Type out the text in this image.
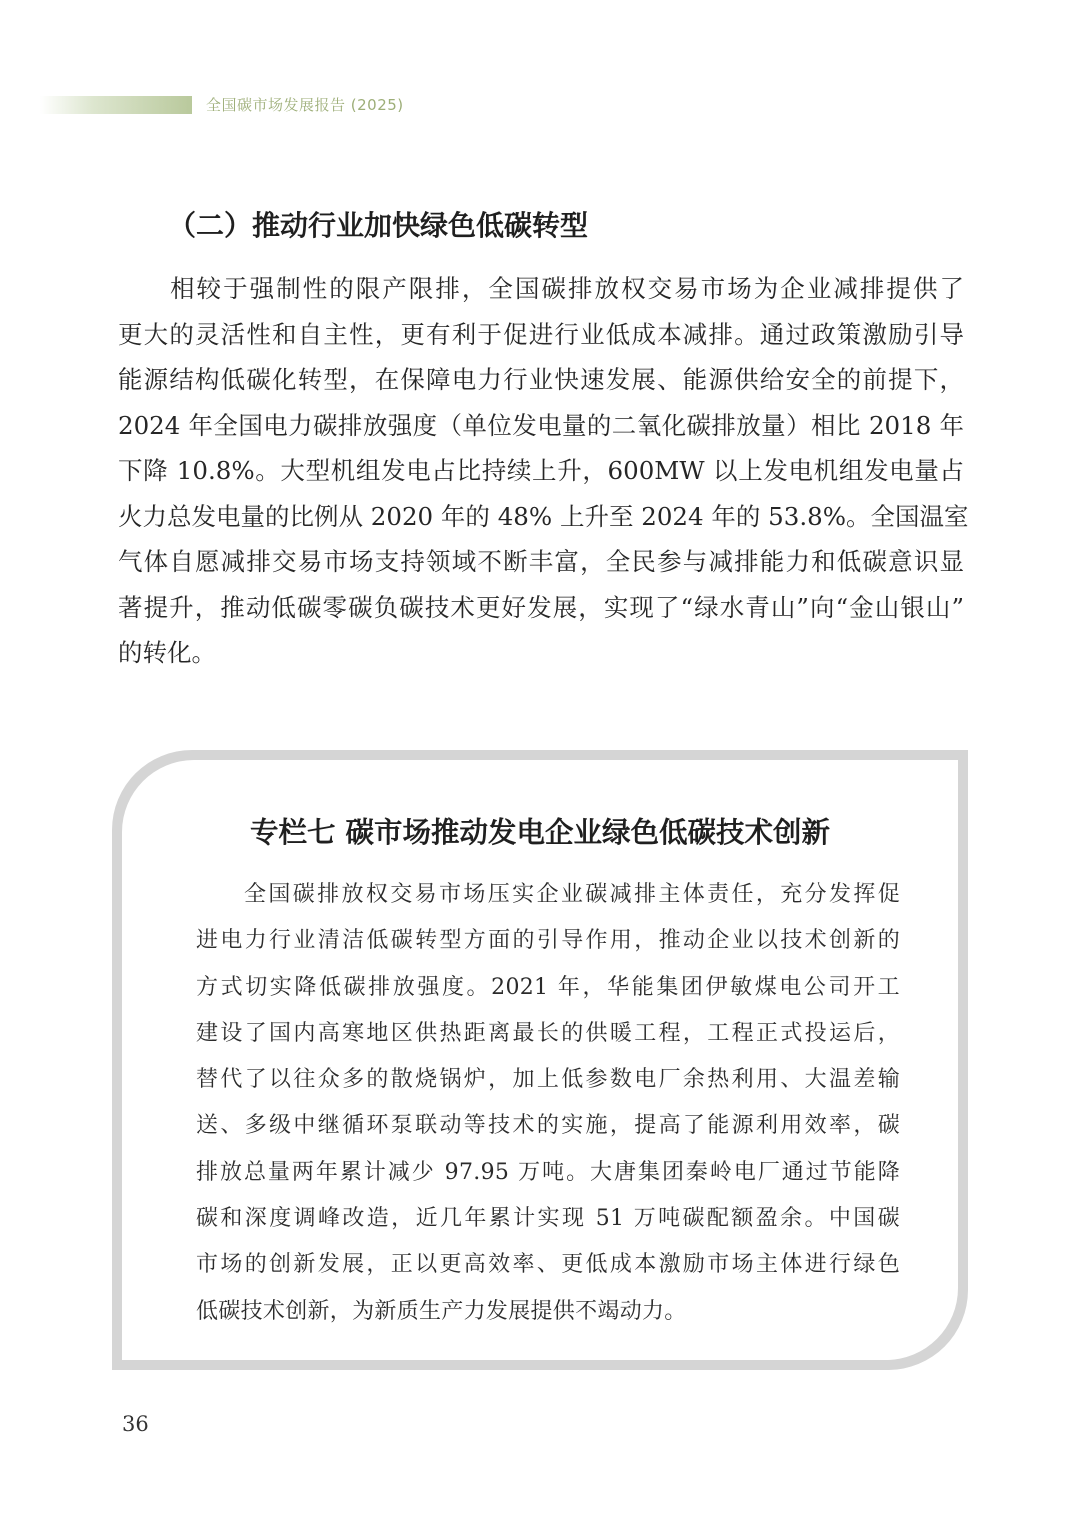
全国碳市场发展报告 (2025)
（二）推动行业加快绿色低碳转型
相较于强制性的限产限排，全国碳排放权交易市场为企业减排提供了
更大的灵活性和自主性，更有利于促进行业低成本减排。通过政策激励引导
能源结构低碳化转型，在保障电力行业快速发展、能源供给安全的前提下，
2024 年全国电力碳排放强度（单位发电量的二氧化碳排放量）相比 2018 年
下降 10.8%。大型机组发电占比持续上升，600MW 以上发电机组发电量占
火力总发电量的比例从 2020 年的 48% 上升至 2024 年的 53.8%。全国温室
气体自愿减排交易市场支持领域不断丰富，全民参与减排能力和低碳意识显
著提升，推动低碳零碳负碳技术更好发展，实现了“绿水青山”向“金山银山”
的转化。
专栏七 碳市场推动发电企业绿色低碳技术创新
全国碳排放权交易市场压实企业碳减排主体责任，充分发挥促
进电力行业清洁低碳转型方面的引导作用，推动企业以技术创新的
方式切实降低碳排放强度。2021 年，华能集团伊敏煤电公司开工
建设了国内高寒地区供热距离最长的供暖工程，工程正式投运后，
替代了以往众多的散烧锅炉，加上低参数电厂余热利用、大温差输
送、多级中继循环泵联动等技术的实施，提高了能源利用效率，碳
排放总量两年累计减少 97.95 万吨。大唐集团秦岭电厂通过节能降
碳和深度调峰改造，近几年累计实现 51 万吨碳配额盈余。中国碳
市场的创新发展，正以更高效率、更低成本激励市场主体进行绿色
低碳技术创新，为新质生产力发展提供不竭动力。
36
